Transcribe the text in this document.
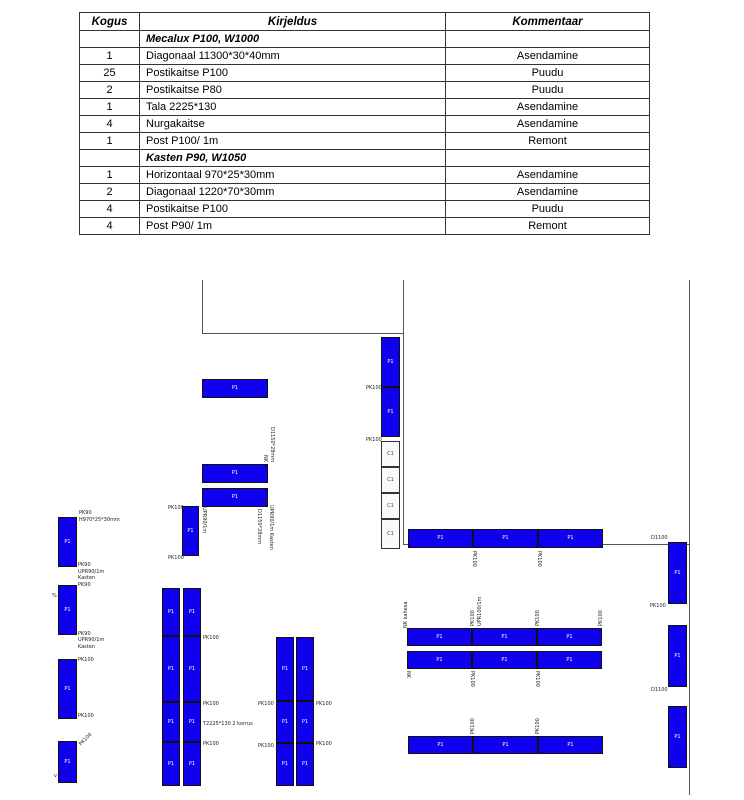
Kogus	Kirjeldus	Kommentaar
	Mecalux P100, W1000	
1	Diagonaal 11300*30*40mm	Asendamine
25	Postikaitse P100	Puudu
2	Postikaitse P80	Puudu
1	Tala 2225*130	Asendamine
4	Nurgakaitse	Asendamine
1	Post P100/ 1m	Remont
	Kasten P90, W1050	
1	Horizontaal 970*25*30mm	Asendamine
2	Diagonaal 1220*70*30mm	Asendamine
4	Postikaitse P100	Puudu
4	Post P90/ 1m	Remont
P1
P1
P1
P1
P1
P1
C1
C1
C1
C1
P1	P1	P1
P1	P1	P1
P1	P1	P1
P1	P1	P1
P1
P1
P1
P1
P1
P1
P1
P1	P1
P1	P1
P1	P1
P1	P1
P1	P1
P1	P1
P1	P1
PK90
H970*25*30mm
PK90
UPR90/1m
Kasten
PK90
%
PK90
UPR90/1m
Kasten
PK100
PK100
PK100
v
PK100
PK100
UPR90/1m
D1150*28mm
NK
UPR90/1m Kasten
D1150*28mm
NK
PK100
PK100
T2225*130 2 korrus
PK100
PK100	PK100
PK100	PK100
PK100
PK100
PK100	PK100
NK kahesa	PK100 UPR100/1m	PK100	PK100
NK	PK100	PK100
PK100	PK100
D1100
PK100
D1100
